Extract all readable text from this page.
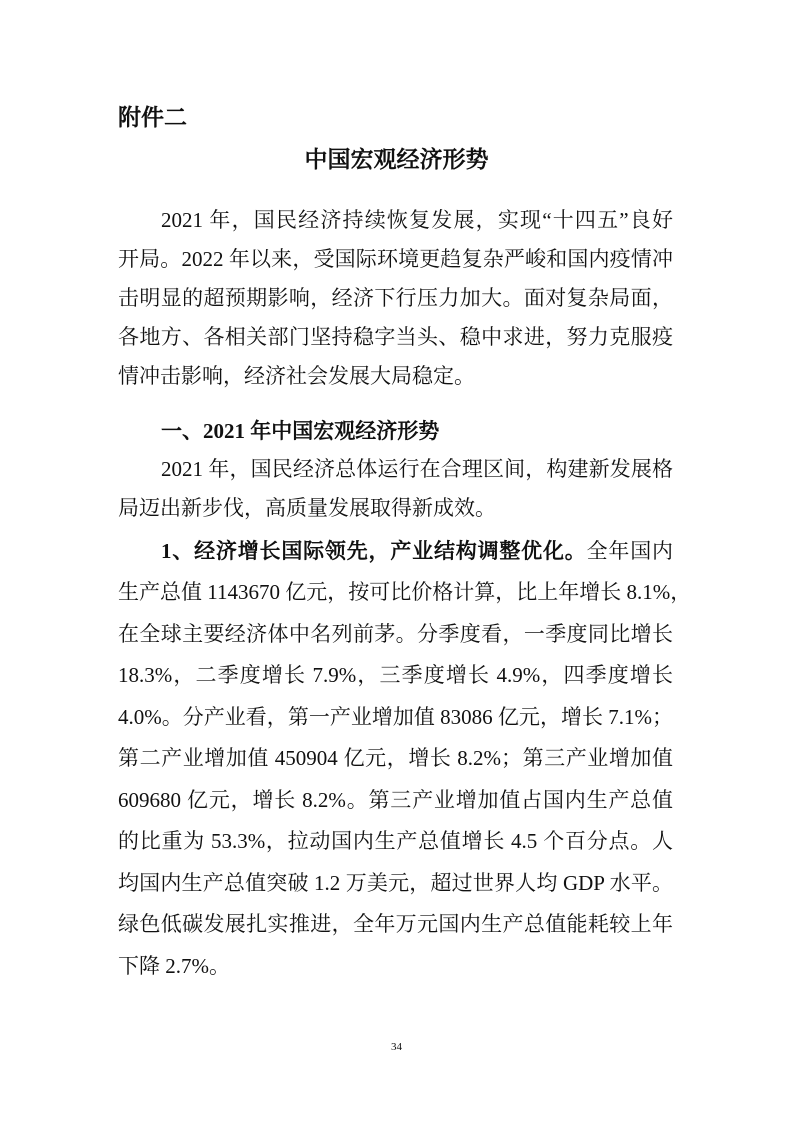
附件二
中国宏观经济形势
2021 年，国民经济持续恢复发展，实现“十四五”良好
开局。2022 年以来，受国际环境更趋复杂严峻和国内疫情冲
击明显的超预期影响，经济下行压力加大。面对复杂局面，
各地方、各相关部门坚持稳字当头、稳中求进，努力克服疫
情冲击影响，经济社会发展大局稳定。
一、2021 年中国宏观经济形势
2021 年，国民经济总体运行在合理区间，构建新发展格
局迈出新步伐，高质量发展取得新成效。
1、经济增长国际领先，产业结构调整优化。全年国内
生产总值 1143670 亿元，按可比价格计算，比上年增长 8.1%，
在全球主要经济体中名列前茅。分季度看，一季度同比增长
18.3%，二季度增长 7.9%，三季度增长 4.9%，四季度增长
4.0%。分产业看，第一产业增加值 83086 亿元，增长 7.1%；
第二产业增加值 450904 亿元，增长 8.2%；第三产业增加值
609680 亿元，增长 8.2%。第三产业增加值占国内生产总值
的比重为 53.3%，拉动国内生产总值增长 4.5 个百分点。人
均国内生产总值突破 1.2 万美元，超过世界人均 GDP 水平。
绿色低碳发展扎实推进，全年万元国内生产总值能耗较上年
下降 2.7%。
34
